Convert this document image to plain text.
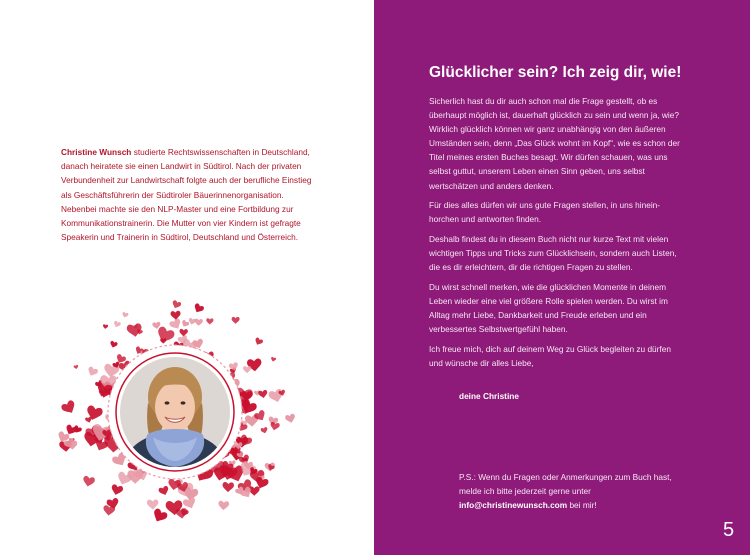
Christine Wunsch studierte Rechtswissenschaften in Deutschland, danach heiratete sie einen Landwirt in Südtirol. Nach der privaten Verbundenheit zur Landwirtschaft folgte auch der berufliche Einstieg als Geschäftsführerin der Südtiroler Bäuerinnenorganisation. Nebenbei machte sie den NLP-Master und eine Fortbildung zur Kommunikationstrainerin. Die Mutter von vier Kindern ist gefragte Speakerin und Trainerin in Südtirol, Deutschland und Österreich.

Glücklicher sein? Ich zeig dir, wie!

Sicherlich hast du dir auch schon mal die Frage gestellt, ob es überhaupt möglich ist, dauerhaft glücklich zu sein und wenn ja, wie? Wirklich glücklich können wir ganz unabhängig von den äußeren Umständen sein, denn „Das Glück wohnt im Kopf“, wie es schon der Titel meines ersten Buches besagt. Wir dürfen schauen, was uns selbst guttut, unserem Leben einen Sinn geben, uns selbst wertschätzen und anders denken.

Für dies alles dürfen wir uns gute Fragen stellen, in uns hinein-horchen und antworten finden.

Deshalb findest du in diesem Buch nicht nur kurze Text mit vielen wichtigen Tipps und Tricks zum Glücklichsein, sondern auch Listen, die es dir erleichtern, dir die richtigen Fragen zu stellen.

Du wirst schnell merken, wie die glücklichen Momente in deinem Leben wieder eine viel größere Rolle spielen werden. Du wirst im Alltag mehr Liebe, Dankbarkeit und Freude erleben und ein verbessertes Selbstwertgefühl haben.

Ich freue mich, dich auf deinem Weg zu Glück begleiten zu dürfen und wünsche dir alles Liebe,

deine Christine
P.S.: Wenn du Fragen oder Anmerkungen zum Buch hast, melde ich bitte jederzeit gerne unter info@christinewunsch.com bei mir!
5
